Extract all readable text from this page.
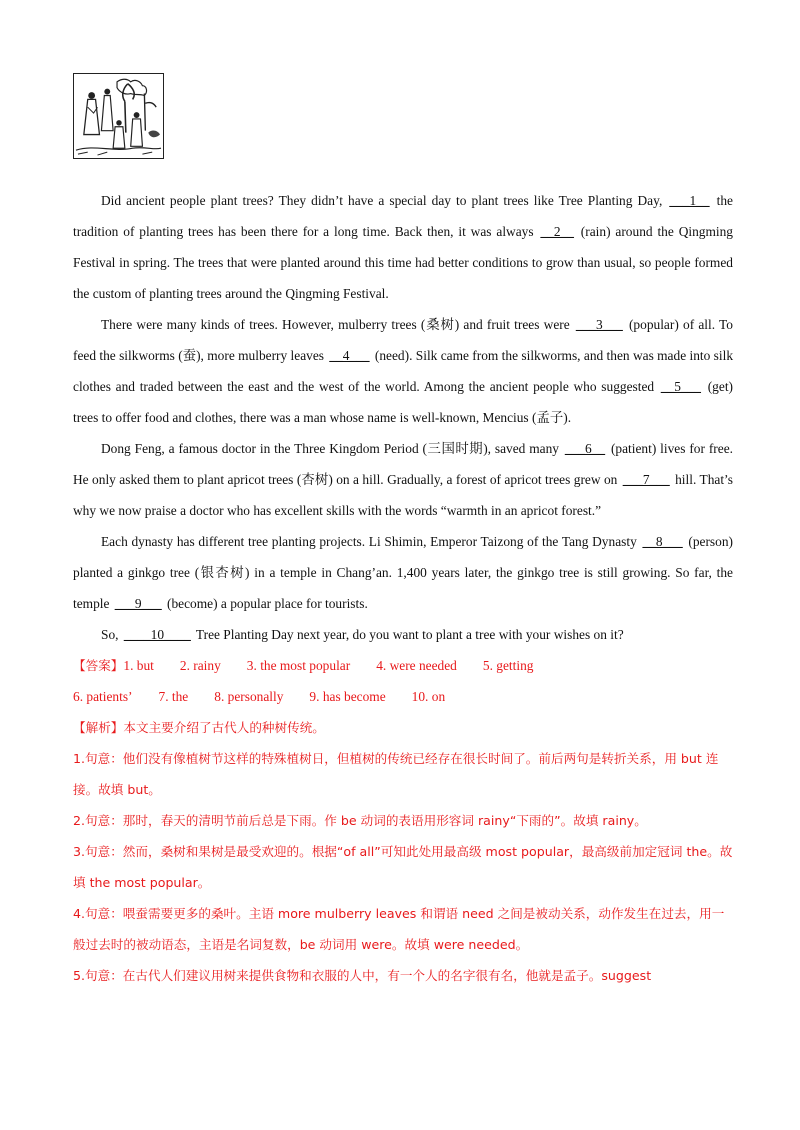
Did ancient people plant trees? They didn’t have a special day to plant trees like Tree Planting Day, ___1__ the tradition of planting trees has been there for a long time. Back then, it was always __2__ (rain) around the Qingming Festival in spring. The trees that were planted around this time had better conditions to grow than usual, so people formed the custom of planting trees around the Qingming Festival.

There were many kinds of trees. However, mulberry trees (桑树) and fruit trees were ___3___ (popular) of all. To feed the silkworms (蚕), more mulberry leaves __4___ (need). Silk came from the silkworms, and then was made into silk clothes and traded between the east and the west of the world. Among the ancient people who suggested __5___ (get) trees to offer food and clothes, there was a man whose name is well-known, Mencius (孟子).

Dong Feng, a famous doctor in the Three Kingdom Period (三国时期), saved many ___6__ (patient) lives for free. He only asked them to plant apricot trees (杏树) on a hill. Gradually, a forest of apricot trees grew on ___7___ hill. That’s why we now praise a doctor who has excellent skills with the words “warmth in an apricot forest.”

Each dynasty has different tree planting projects. Li Shimin, Emperor Taizong of the Tang Dynasty __8___ (person) planted a ginkgo tree (银杏树) in a temple in Chang’an. 1,400 years later, the ginkgo tree is still growing. So far, the temple ___9___ (become) a popular place for tourists.

So, ____10____ Tree Planting Day next year, do you want to plant a tree with your wishes on it?

【答案】1. but 2. rainy 3. the most popular 4. were needed 5. getting
6. patients’ 7. the 8. personally 9. has become 10. on

【解析】本文主要介绍了古代人的种树传统。

1.句意：他们没有像植树节这样的特殊植树日，但植树的传统已经存在很长时间了。前后两句是转折关系，用 but 连接。故填 but。

2.句意：那时，春天的清明节前后总是下雨。作 be 动词的表语用形容词 rainy“下雨的”。故填 rainy。

3.句意：然而，桑树和果树是最受欢迎的。根据“of all”可知此处用最高级 most popular，最高级前加定冠词 the。故填 the most popular。

4.句意：喂蚕需要更多的桑叶。主语 more mulberry leaves 和谓语 need 之间是被动关系，动作发生在过去，用一般过去时的被动语态，主语是名词复数，be 动词用 were。故填 were needed。

5.句意：在古代人们建议用树来提供食物和衣服的人中，有一个人的名字很有名，他就是孟子。suggest
